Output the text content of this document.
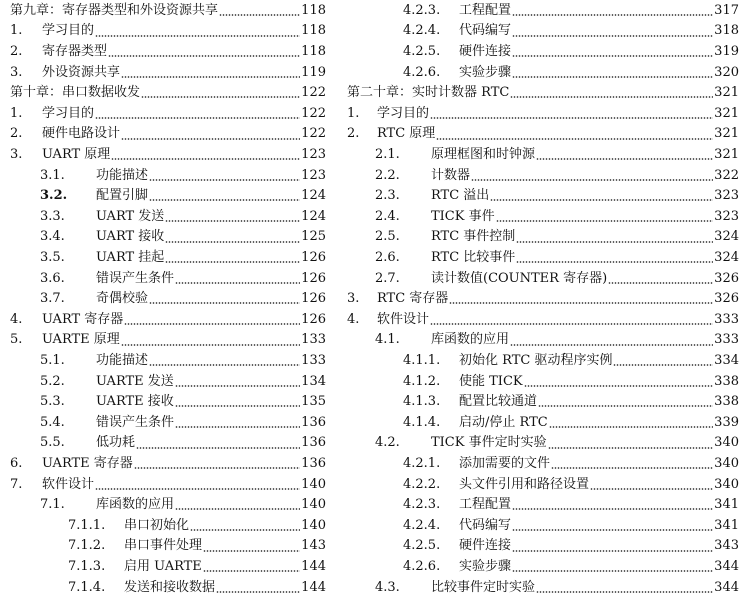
第九章：寄存器类型和外设资源共享	118
1.	学习目的	118
2.	寄存器类型	118
3.	外设资源共享	119
第十章：串口数据收发	122
1.	学习目的	122
2.	硬件电路设计	122
3.	UART 原理	123
3.1.	功能描述	123
3.2.	配置引脚	124
3.3.	UART 发送	124
3.4.	UART 接收	125
3.5.	UART 挂起	126
3.6.	错误产生条件	126
3.7.	奇偶校验	126
4.	UART 寄存器	126
5.	UARTE 原理	133
5.1.	功能描述	133
5.2.	UARTE 发送	134
5.3.	UARTE 接收	135
5.4.	错误产生条件	136
5.5.	低功耗	136
6.	UARTE 寄存器	136
7.	软件设计	140
7.1.	库函数的应用	140
7.1.1.	串口初始化	140
7.1.2.	串口事件处理	143
7.1.3.	启用 UARTE	144
7.1.4.	发送和接收数据	144
4.2.3.	工程配置	317
4.2.4.	代码编写	318
4.2.5.	硬件连接	319
4.2.6.	实验步骤	320
第二十章：实时计数器 RTC	321
1.	学习目的	321
2.	RTC 原理	321
2.1.	原理框图和时钟源	321
2.2.	计数器	322
2.3.	RTC 溢出	323
2.4.	TICK 事件	323
2.5.	RTC 事件控制	324
2.6.	RTC 比较事件	324
2.7.	读计数值(COUNTER 寄存器)	326
3.	RTC 寄存器	326
4.	软件设计	333
4.1.	库函数的应用	333
4.1.1.	初始化 RTC 驱动程序实例	334
4.1.2.	使能 TICK	338
4.1.3.	配置比较通道	338
4.1.4.	启动/停止 RTC	339
4.2.	TICK 事件定时实验	340
4.2.1.	添加需要的文件	340
4.2.2.	头文件引用和路径设置	340
4.2.3.	工程配置	341
4.2.4.	代码编写	341
4.2.5.	硬件连接	343
4.2.6.	实验步骤	344
4.3.	比较事件定时实验	344
